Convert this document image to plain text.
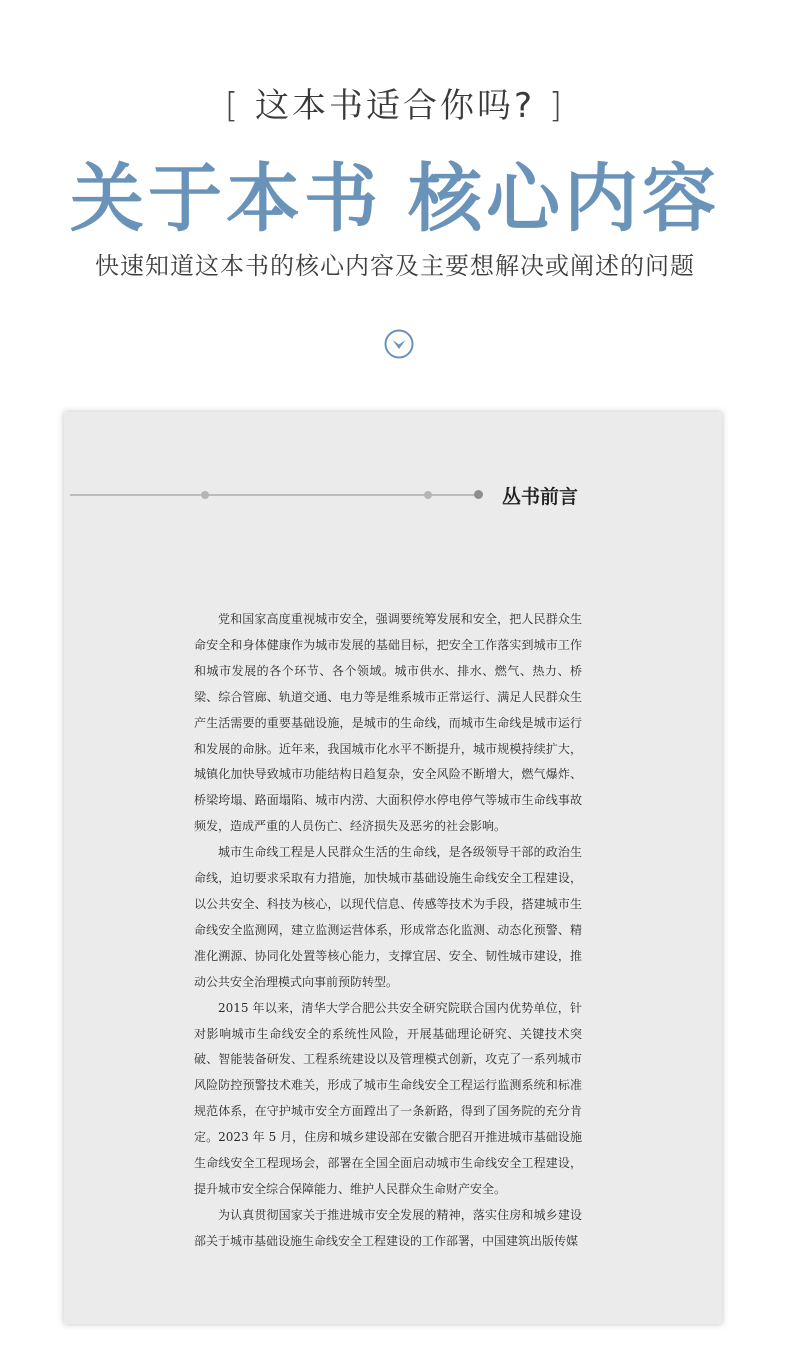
[ 这本书适合你吗? ]
关于本书 核心内容
快速知道这本书的核心内容及主要想解决或阐述的问题
丛书前言

党和国家高度重视城市安全，强调要统筹发展和安全，把人民群众生命安全和身体健康作为城市发展的基础目标，把安全工作落实到城市工作和城市发展的各个环节、各个领域。城市供水、排水、燃气、热力、桥梁、综合管廊、轨道交通、电力等是维系城市正常运行、满足人民群众生产生活需要的重要基础设施，是城市的生命线，而城市生命线是城市运行和发展的命脉。近年来，我国城市化水平不断提升，城市规模持续扩大，城镇化加快导致城市功能结构日趋复杂，安全风险不断增大，燃气爆炸、桥梁垮塌、路面塌陷、城市内涝、大面积停水停电停气等城市生命线事故频发，造成严重的人员伤亡、经济损失及恶劣的社会影响。

城市生命线工程是人民群众生活的生命线，是各级领导干部的政治生命线，迫切要求采取有力措施，加快城市基础设施生命线安全工程建设，以公共安全、科技为核心，以现代信息、传感等技术为手段，搭建城市生命线安全监测网，建立监测运营体系，形成常态化监测、动态化预警、精准化溯源、协同化处置等核心能力，支撑宜居、安全、韧性城市建设，推动公共安全治理模式向事前预防转型。

2015 年以来，清华大学合肥公共安全研究院联合国内优势单位，针对影响城市生命线安全的系统性风险，开展基础理论研究、关键技术突破、智能装备研发、工程系统建设以及管理模式创新，攻克了一系列城市风险防控预警技术难关，形成了城市生命线安全工程运行监测系统和标准规范体系，在守护城市安全方面蹚出了一条新路，得到了国务院的充分肯定。2023 年 5 月，住房和城乡建设部在安徽合肥召开推进城市基础设施生命线安全工程现场会，部署在全国全面启动城市生命线安全工程建设，提升城市安全综合保障能力、维护人民群众生命财产安全。

为认真贯彻国家关于推进城市安全发展的精神，落实住房和城乡建设部关于城市基础设施生命线安全工程建设的工作部署，中国建筑出版传媒
